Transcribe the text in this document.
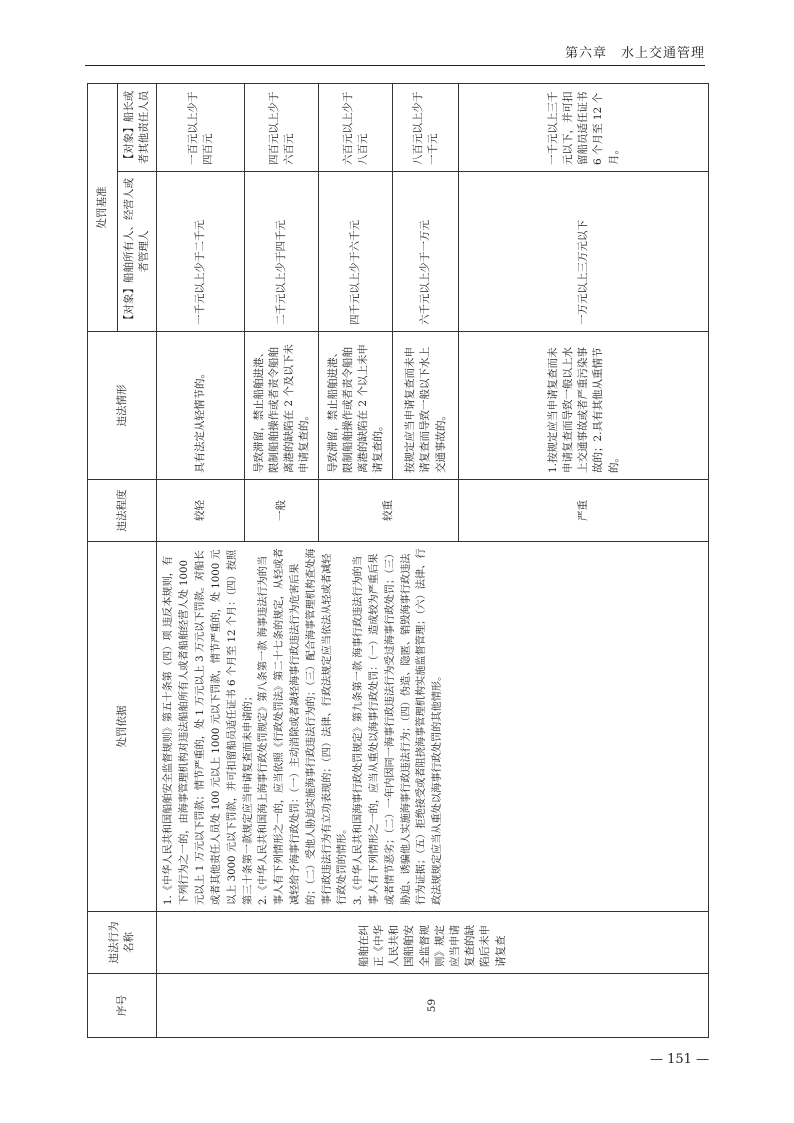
第六章　水上交通管理
序号	违法行为名称	处罚依据	违法程度	违法情形	处罚基准	
					【对象】船舶所有人、经营人或者管理人	【对象】船长或者其他责任人员
59	船舶在纠正《中华人民共和国船舶安全监督规则》规定应当申请复查的缺陷后未申请复查	1.《中华人民共和国船舶安全监督规则》第五十条第（四）项 违反本规则，有下列行为之一的，由海事管理机构对违法船舶所有人或者船舶经营人处 1000 元以上 1 万元以下罚款；情节严重的，处 1 万元以上 3 万元以下罚款。对船长或者其他责任人员处 100 元以上 1000 元以下罚款，情节严重的，处 1000 元以上 3000 元以下罚款，并可扣留船员适任证书 6 个月至 12 个月：（四）按照第三十条第一款规定应当申请复查而未申请的； 2.《中华人民共和国海上海事行政处罚规定》第八条第一款 海事违法行为的当事人有下列情形之一的，应当依照《行政处罚法》第二十七条的规定，从轻或者减轻给予海事行政处罚：（一）主动消除或者减轻海事行政违法行为危害后果的；（二）受他人胁迫实施海事行政违法行为的；（三）配合海事管理机构查处海事行政违法行为有立功表现的；（四）法律、行政法规定应当依法从轻或者减轻行政处罚的情形。 3.《中华人民共和国海事行政处罚规定》第九条第一款 海事行政违法行为的当事人有下列情形之一的，应当从重处以海事行政处罚：（一）造成较为严重后果或者情节恶劣；（二）一年内因同一海事行政违法行为受过海事行政处罚；（三）胁迫、诱骗他人实施海事行政违法行为；（四）伪造、隐匿、销毁海事行政违法行为证据；（五）拒绝接受或者阻挠海事管理机构实施监督管理；（六）法律、行政法规规定应当从重处以海事行政处罚的其他情形。	较轻	具有法定从轻情节的。	一千元以上少于二千元	一百元以上少于四百元
			一般	导致滞留，禁止船舶进港、限制船舶操作或者责令船舶离港的缺陷在 2 个及以下未申请复查的。	二千元以上少于四千元	四百元以上少于六百元
			较重	导致滞留，禁止船舶进港、限制船舶操作或者责令船舶离港的缺陷在 2 个以上未申请复查的。	四千元以上少于六千元	六百元以上少于八百元
				按规定应当申请复查而未申请复查而导致一般以下水上交通事故的。	六千元以上少于一万元	八百元以上少于一千元
			严重	1.按规定应当申请复查而未申请复查而导致一般以上水上交通事故或者严重污染事故的；2.具有其他从重情节的。	一万元以上三万元以下	一千元以上三千元以下，并可扣留船员适任证书 6 个月至 12 个月。
— 151 —
